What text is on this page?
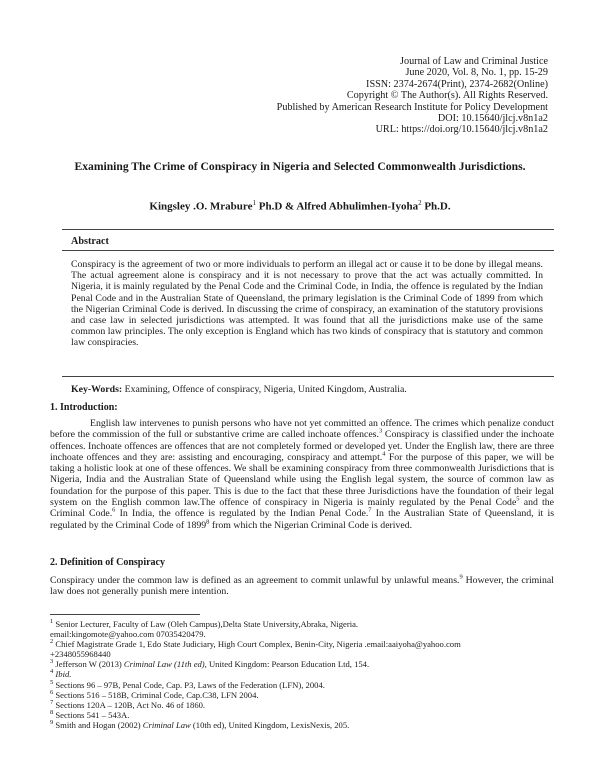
Journal of Law and Criminal Justice
June 2020, Vol. 8, No. 1, pp. 15-29
ISSN: 2374-2674(Print), 2374-2682(Online)
Copyright © The Author(s). All Rights Reserved.
Published by American Research Institute for Policy Development
DOI: 10.15640/jlcj.v8n1a2
URL: https://doi.org/10.15640/jlcj.v8n1a2
Examining The Crime of Conspiracy in Nigeria and Selected Commonwealth Jurisdictions.
Kingsley .O. Mrabure$^1$ Ph.D & Alfred Abhulimhen-Iyoha$^2$ Ph.D.
Abstract
Conspiracy is the agreement of two or more individuals to perform an illegal act or cause it to be done by illegal means. The actual agreement alone is conspiracy and it is not necessary to prove that the act was actually committed. In Nigeria, it is mainly regulated by the Penal Code and the Criminal Code, in India, the offence is regulated by the Indian Penal Code and in the Australian State of Queensland, the primary legislation is the Criminal Code of 1899 from which the Nigerian Criminal Code is derived. In discussing the crime of conspiracy, an examination of the statutory provisions and case law in selected jurisdictions was attempted. It was found that all the jurisdictions make use of the same common law principles. The only exception is England which has two kinds of conspiracy that is statutory and common law conspiracies.
Key-Words: Examining, Offence of conspiracy, Nigeria, United Kingdom, Australia.
1. Introduction:

English law intervenes to punish persons who have not yet committed an offence. The crimes which penalize conduct before the commission of the full or substantive crime are called inchoate offences.$^3$ Conspiracy is classified under the inchoate offences. Inchoate offences are offences that are not completely formed or developed yet. Under the English law, there are three inchoate offences and they are: assisting and encouraging, conspiracy and attempt.$^4$ For the purpose of this paper, we will be taking a holistic look at one of these offences. We shall be examining conspiracy from three commonwealth Jurisdictions that is Nigeria, India and the Australian State of Queensland while using the English legal system, the source of common law as foundation for the purpose of this paper. This is due to the fact that these three Jurisdictions have the foundation of their legal system on the English common law.The offence of conspiracy in Nigeria is mainly regulated by the Penal Code$^5$ and the Criminal Code.$^6$ In India, the offence is regulated by the Indian Penal Code.$^7$ In the Australian State of Queensland, it is regulated by the Criminal Code of 1899$^8$ from which the Nigerian Criminal Code is derived.

2. Definition of Conspiracy

Conspiracy under the common law is defined as an agreement to commit unlawful by unlawful means.$^9$ However, the criminal law does not generally punish mere intention.

$^1$ Senior Lecturer, Faculty of Law (Oleh Campus),Delta State University,Abraka, Nigeria.
email:kingomote@yahoo.com 07035420479.
$^2$ Chief Magistrate Grade 1, Edo State Judiciary, High Court Complex, Benin-City, Nigeria .email:aaiyoha@yahoo.com
+2348055968440
$^3$ Jefferson W (2013) Criminal Law (11th ed), United Kingdom: Pearson Education Ltd, 154.
$^4$ Ibid.
$^5$ Sections 96 – 97B, Penal Code, Cap. P3, Laws of the Federation (LFN), 2004.
$^6$ Sections 516 – 518B, Criminal Code, Cap.C38, LFN 2004.
$^7$ Sections 120A – 120B, Act No. 46 of 1860.
$^8$ Sections 541 – 543A.
$^9$ Smith and Hogan (2002) Criminal Law (10th ed), United Kingdom, LexisNexis, 205.
